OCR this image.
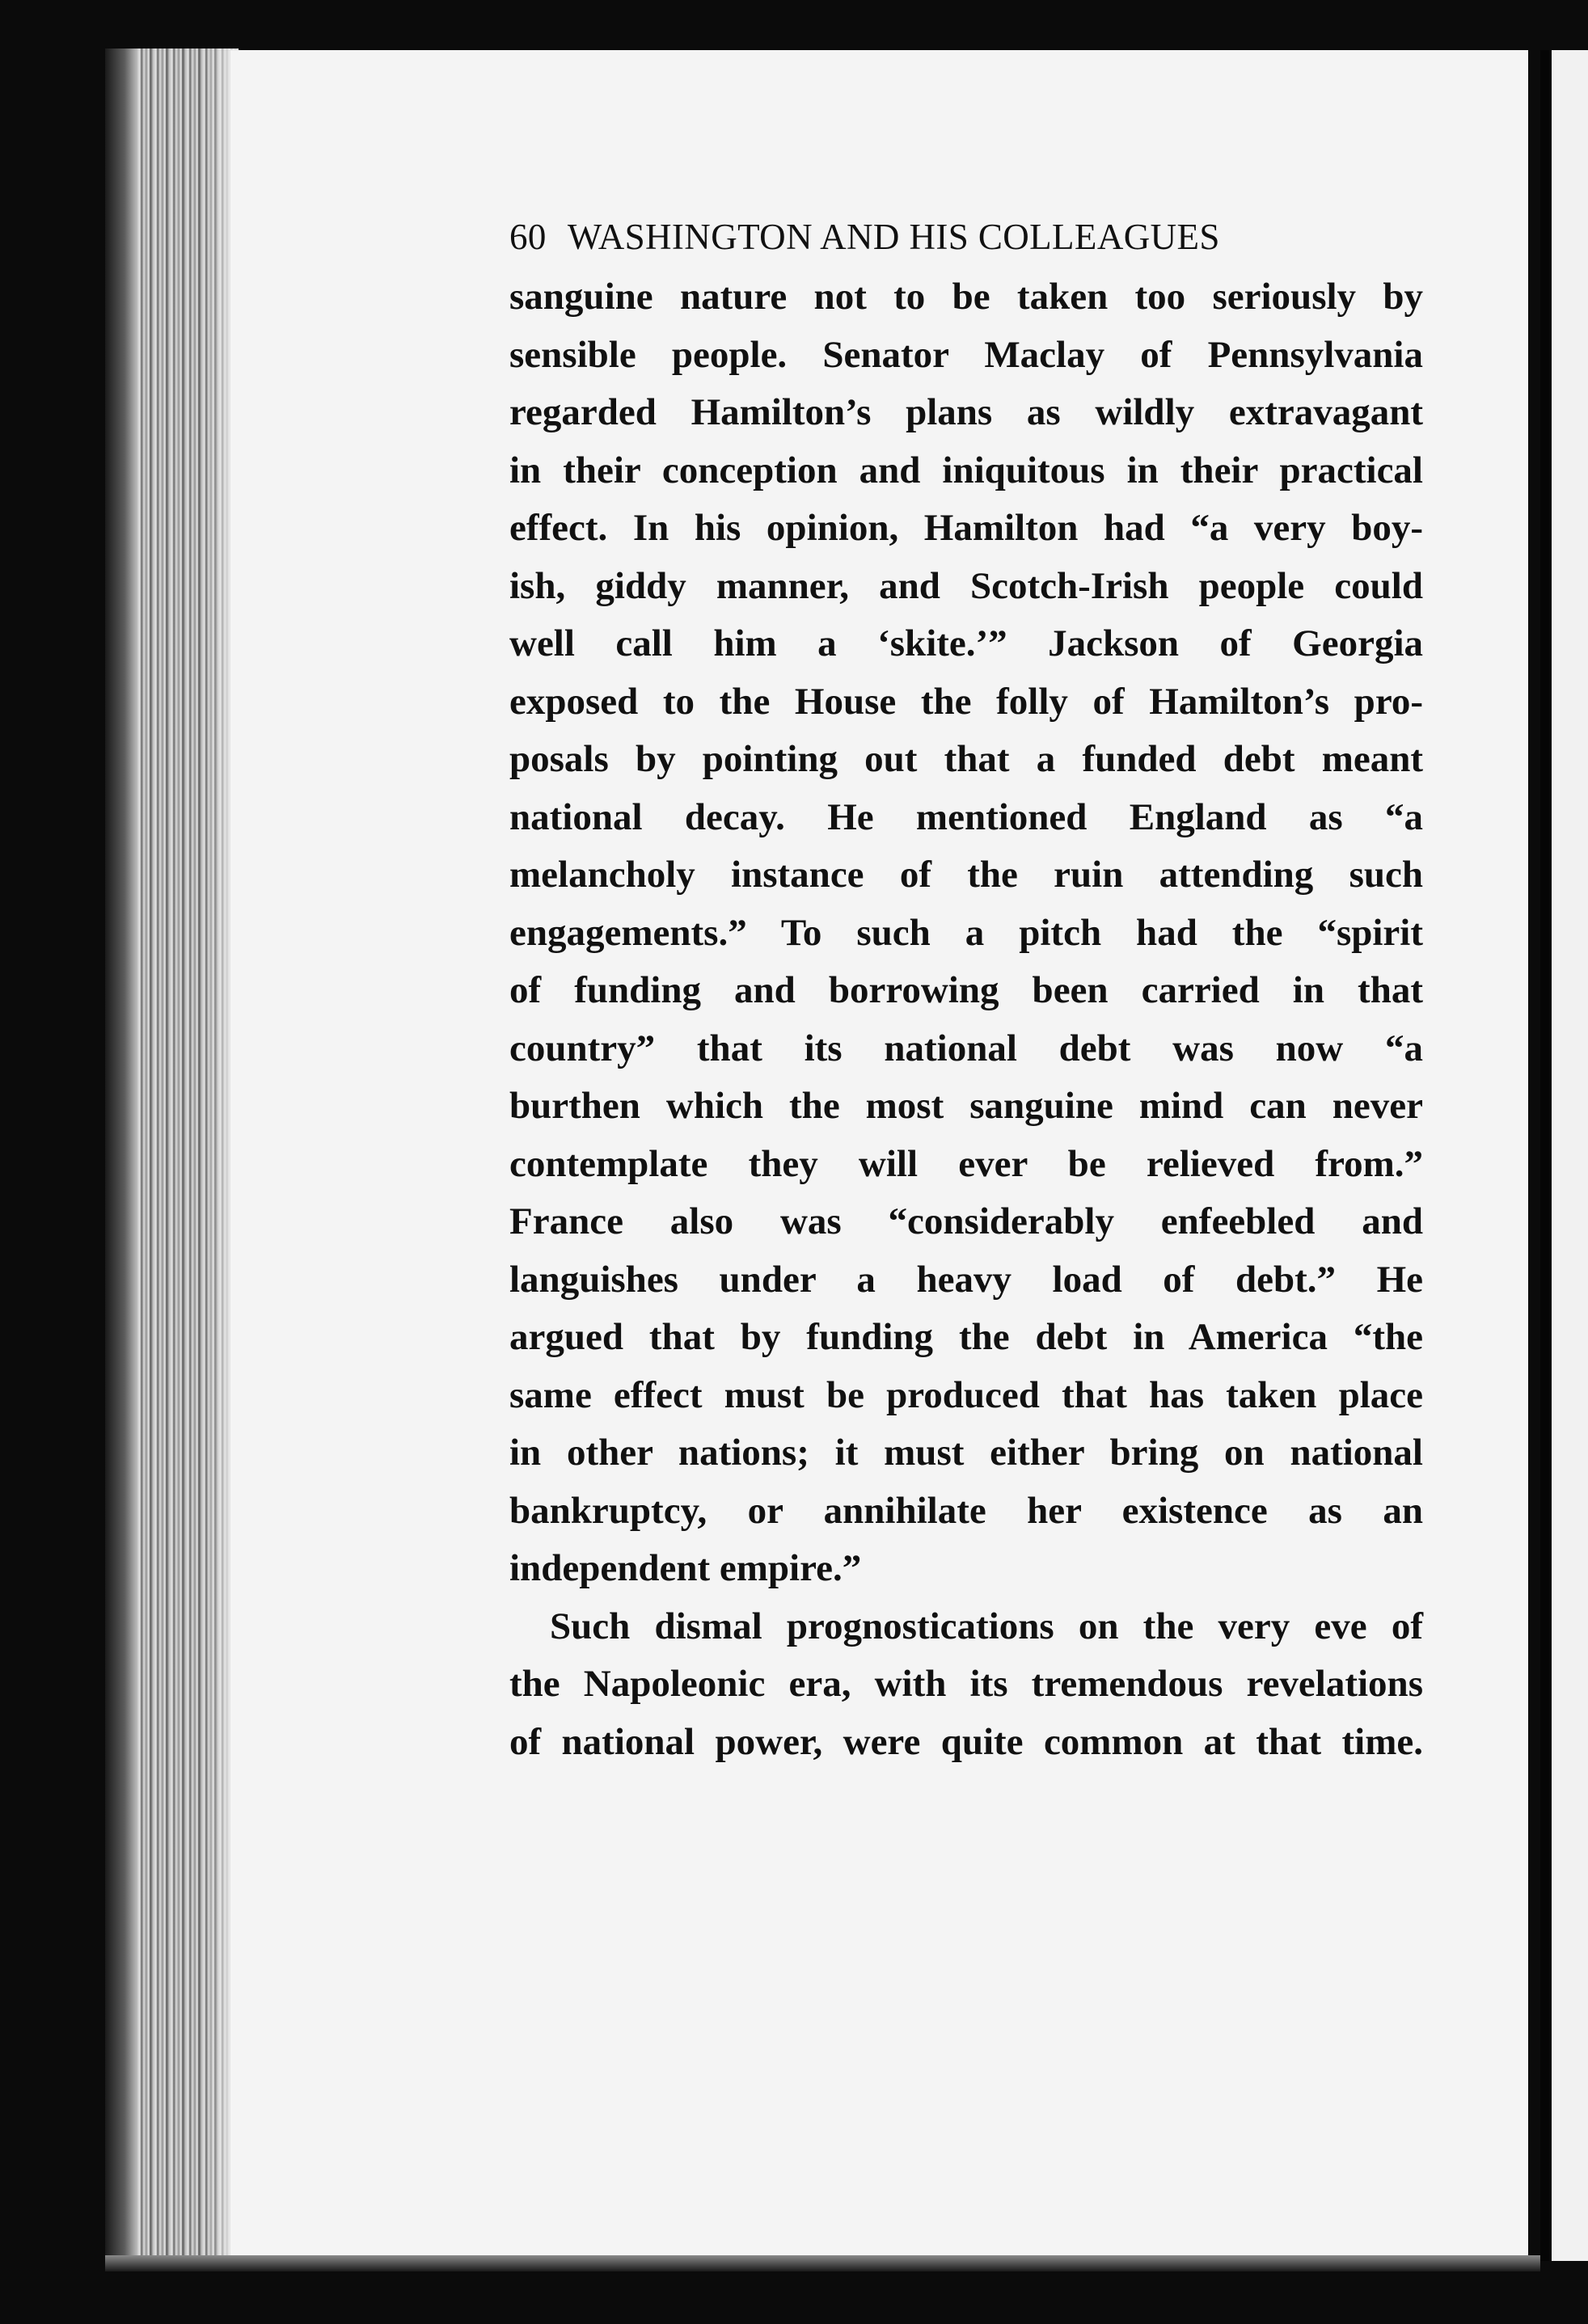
60 WASHINGTON AND HIS COLLEAGUES
sanguine nature not to be taken too seriously by
sensible people. Senator Maclay of Pennsylvania
regarded Hamilton’s plans as wildly extravagant
in their conception and iniquitous in their practical
effect. In his opinion, Hamilton had “a very boy-
ish, giddy manner, and Scotch-Irish people could
well call him a ‘skite.’” Jackson of Georgia
exposed to the House the folly of Hamilton’s pro-
posals by pointing out that a funded debt meant
national decay. He mentioned England as “a
melancholy instance of the ruin attending such
engagements.” To such a pitch had the “spirit
of funding and borrowing been carried in that
country” that its national debt was now “a
burthen which the most sanguine mind can never
contemplate they will ever be relieved from.”
France also was “considerably enfeebled and
languishes under a heavy load of debt.” He
argued that by funding the debt in America “the
same effect must be produced that has taken place
in other nations; it must either bring on national
bankruptcy, or annihilate her existence as an
independent empire.”
Such dismal prognostications on the very eve of
the Napoleonic era, with its tremendous revelations
of national power, were quite common at that time.
